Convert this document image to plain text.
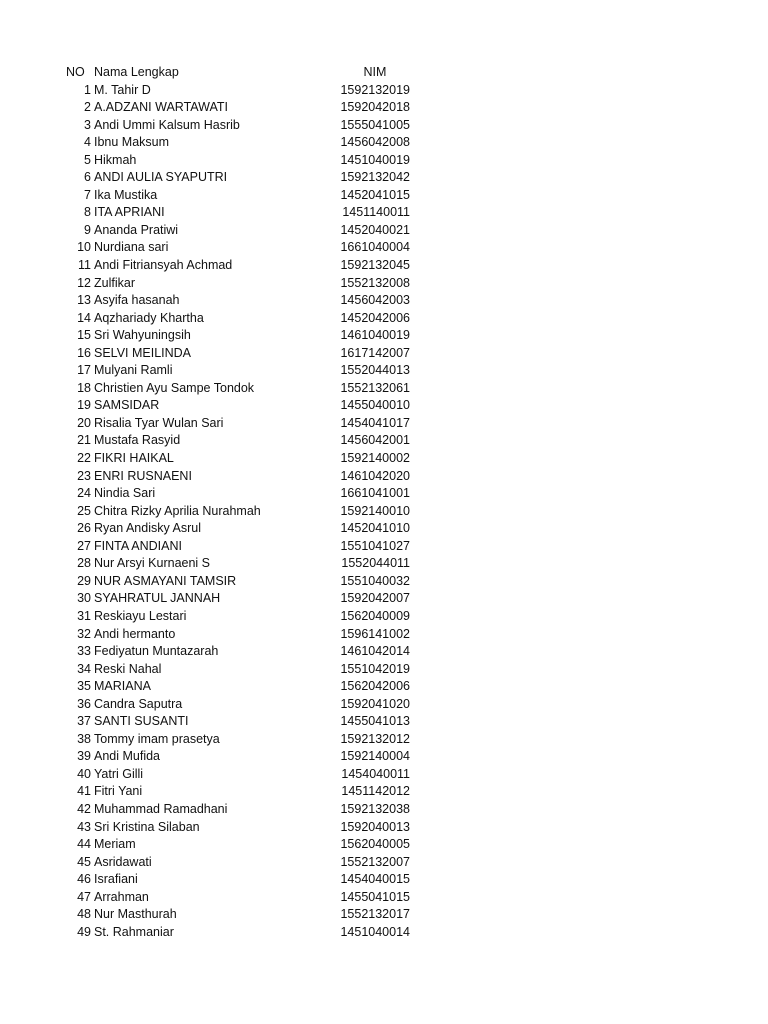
NO Nama Lengkap	NIM
1 M. Tahir D	1592132019
2 A.ADZANI WARTAWATI	1592042018
3 Andi Ummi Kalsum Hasrib	1555041005
4 Ibnu Maksum	1456042008
5 Hikmah	1451040019
6 ANDI AULIA SYAPUTRI	1592132042
7 Ika Mustika	1452041015
8 ITA APRIANI	1451140011
9 Ananda Pratiwi	1452040021
10 Nurdiana sari	1661040004
11 Andi Fitriansyah Achmad	1592132045
12 Zulfikar	1552132008
13 Asyifa hasanah	1456042003
14 Aqzhariady Khartha	1452042006
15 Sri Wahyuningsih	1461040019
16 SELVI MEILINDA	1617142007
17 Mulyani Ramli	1552044013
18 Christien Ayu Sampe Tondok	1552132061
19 SAMSIDAR	1455040010
20 Risalia Tyar Wulan Sari	1454041017
21 Mustafa Rasyid	1456042001
22 FIKRI HAIKAL	1592140002
23 ENRI RUSNAENI	1461042020
24 Nindia Sari	1661041001
25 Chitra Rizky Aprilia Nurahmah	1592140010
26 Ryan Andisky Asrul	1452041010
27 FINTA ANDIANI	1551041027
28 Nur Arsyi Kurnaeni S	1552044011
29 NUR ASMAYANI TAMSIR	1551040032
30 SYAHRATUL JANNAH	1592042007
31 Reskiayu Lestari	1562040009
32 Andi hermanto	1596141002
33 Fediyatun Muntazarah	1461042014
34 Reski Nahal	1551042019
35 MARIANA	1562042006
36 Candra Saputra	1592041020
37 SANTI SUSANTI	1455041013
38 Tommy imam prasetya	1592132012
39 Andi Mufida	1592140004
40 Yatri Gilli	1454040011
41 Fitri Yani	1451142012
42 Muhammad Ramadhani	1592132038
43 Sri Kristina Silaban	1592040013
44 Meriam	1562040005
45 Asridawati	1552132007
46 Israfiani	1454040015
47 Arrahman	1455041015
48 Nur Masthurah	1552132017
49 St. Rahmaniar	1451040014
